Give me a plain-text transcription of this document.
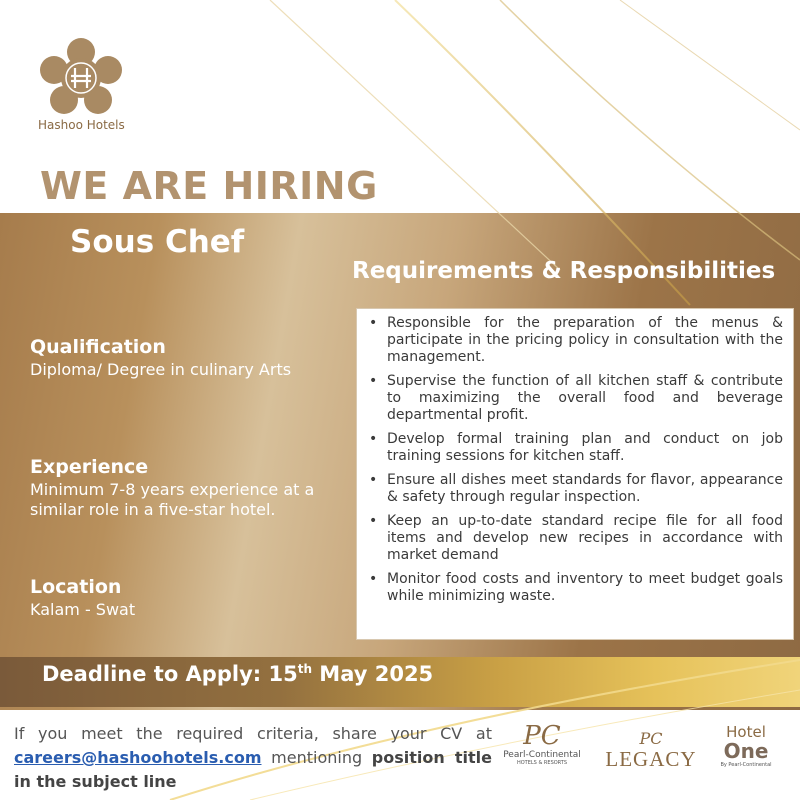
Hashoo Hotels
WE ARE HIRING
Sous Chef
Requirements & Responsibilities

Qualification

Diploma/ Degree in culinary Arts

Experience

Minimum 7-8 years experience at a similar role in a five-star hotel.

Location

Kalam - Swat

• Responsible for the preparation of the menus & participate in the pricing policy in consultation with the management.
• Supervise the function of all kitchen staff & contribute to maximizing the overall food and beverage departmental profit.
• Develop formal training plan and conduct on job training sessions for kitchen staff.
• Ensure all dishes meet standards for flavor, appearance & safety through regular inspection.
• Keep an up-to-date standard recipe file for all food items and develop new recipes in accordance with market demand
• Monitor food costs and inventory to meet budget goals while minimizing waste.
Deadline to Apply: 15th May 2025
If you meet the required criteria, share your CV at careers@hashoohotels.com mentioning position title in the subject line
PC
Pearl-Continental
HOTELS & RESORTS
PC
LEGACY
Hotel
One
By Pearl-Continental
